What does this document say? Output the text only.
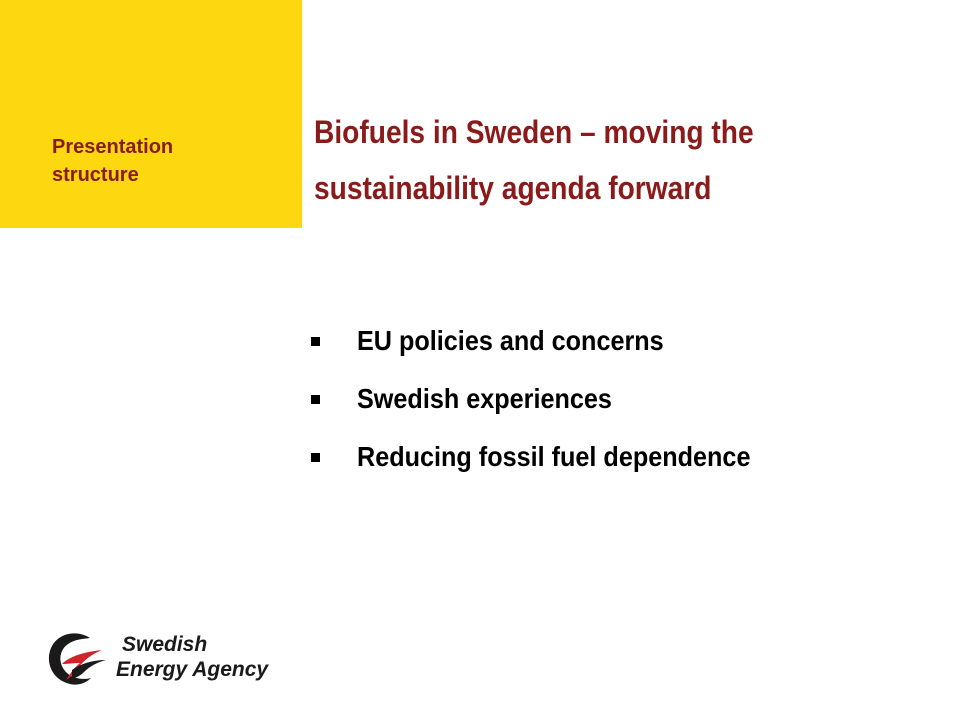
Presentation
structure
Biofuels in Sweden – moving the
sustainability agenda forward
EU policies and concerns
Swedish experiences
Reducing fossil fuel dependence
Swedish
Energy Agency
